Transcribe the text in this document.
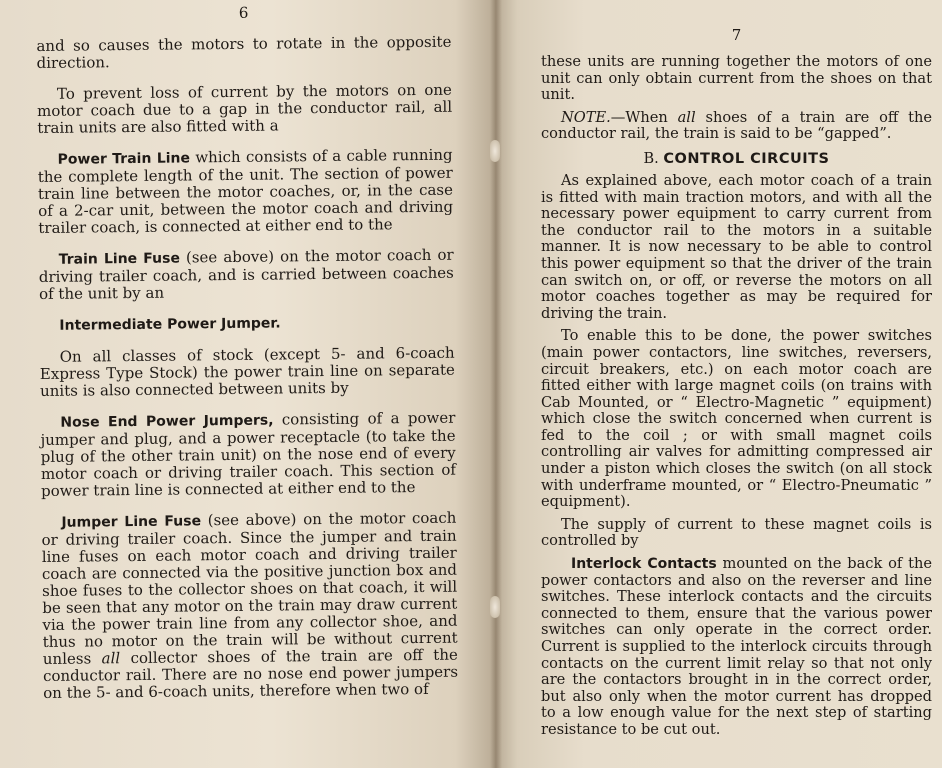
6

and so causes the motors to rotate in the opposite direction.

To prevent loss of current by the motors on one motor coach due to a gap in the conductor rail, all train units are also fitted with a

Power Train Line which consists of a cable running the complete length of the unit. The section of power train line between the motor coaches, or, in the case of a 2-car unit, between the motor coach and driving trailer coach, is connected at either end to the

Train Line Fuse (see above) on the motor coach or driving trailer coach, and is carried between coaches of the unit by an

Intermediate Power Jumper.

On all classes of stock (except 5- and 6-coach Express Type Stock) the power train line on separate units is also connected between units by

Nose End Power Jumpers, consisting of a power jumper and plug, and a power receptacle (to take the plug of the other train unit) on the nose end of every motor coach or driving trailer coach. This section of power train line is connected at either end to the

Jumper Line Fuse (see above) on the motor coach or driving trailer coach. Since the jumper and train line fuses on each motor coach and driving trailer coach are connected via the positive junction box and shoe fuses to the collector shoes on that coach, it will be seen that any motor on the train may draw current via the power train line from any collector shoe, and thus no motor on the train will be without current unless all collector shoes of the train are off the conductor rail. There are no nose end power jumpers on the 5- and 6-coach units, therefore when two of

7

these units are running together the motors of one unit can only obtain current from the shoes on that unit.

NOTE.—When all shoes of a train are off the conductor rail, the train is said to be “gapped”.

B. CONTROL CIRCUITS

As explained above, each motor coach of a train is fitted with main traction motors, and with all the necessary power equipment to carry current from the conductor rail to the motors in a suitable manner. It is now necessary to be able to control this power equipment so that the driver of the train can switch on, or off, or reverse the motors on all motor coaches together as may be required for driving the train.

To enable this to be done, the power switches (main power contactors, line switches, reversers, circuit breakers, etc.) on each motor coach are fitted either with large magnet coils (on trains with Cab Mounted, or “ Electro-Magnetic ” equipment) which close the switch concerned when current is fed to the coil ; or with small magnet coils controlling air valves for admitting compressed air under a piston which closes the switch (on all stock with underframe mounted, or “ Electro-Pneumatic ” equipment).

The supply of current to these magnet coils is controlled by

Interlock Contacts mounted on the back of the power contactors and also on the reverser and line switches. These interlock contacts and the circuits connected to them, ensure that the various power switches can only operate in the correct order. Current is supplied to the interlock circuits through contacts on the current limit relay so that not only are the contactors brought in in the correct order, but also only when the motor current has dropped to a low enough value for the next step of starting resistance to be cut out.
